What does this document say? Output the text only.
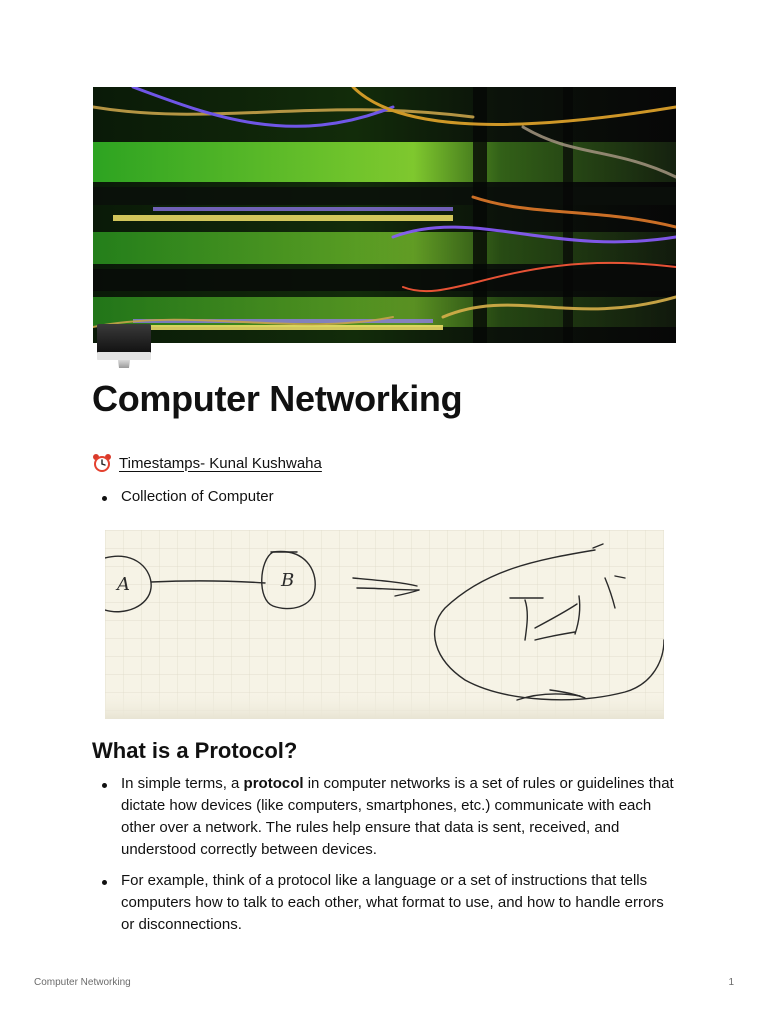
Computer Networking
Timestamps- Kunal Kushwaha
Collection of Computer
A	B
What is a Protocol?
In simple terms, a protocol in computer networks is a set of rules or guidelines that dictate how devices (like computers, smartphones, etc.) communicate with each other over a network. The rules help ensure that data is sent, received, and understood correctly between devices.
For example, think of a protocol like a language or a set of instructions that tells computers how to talk to each other, what format to use, and how to handle errors or disconnections.
Computer Networking	1
